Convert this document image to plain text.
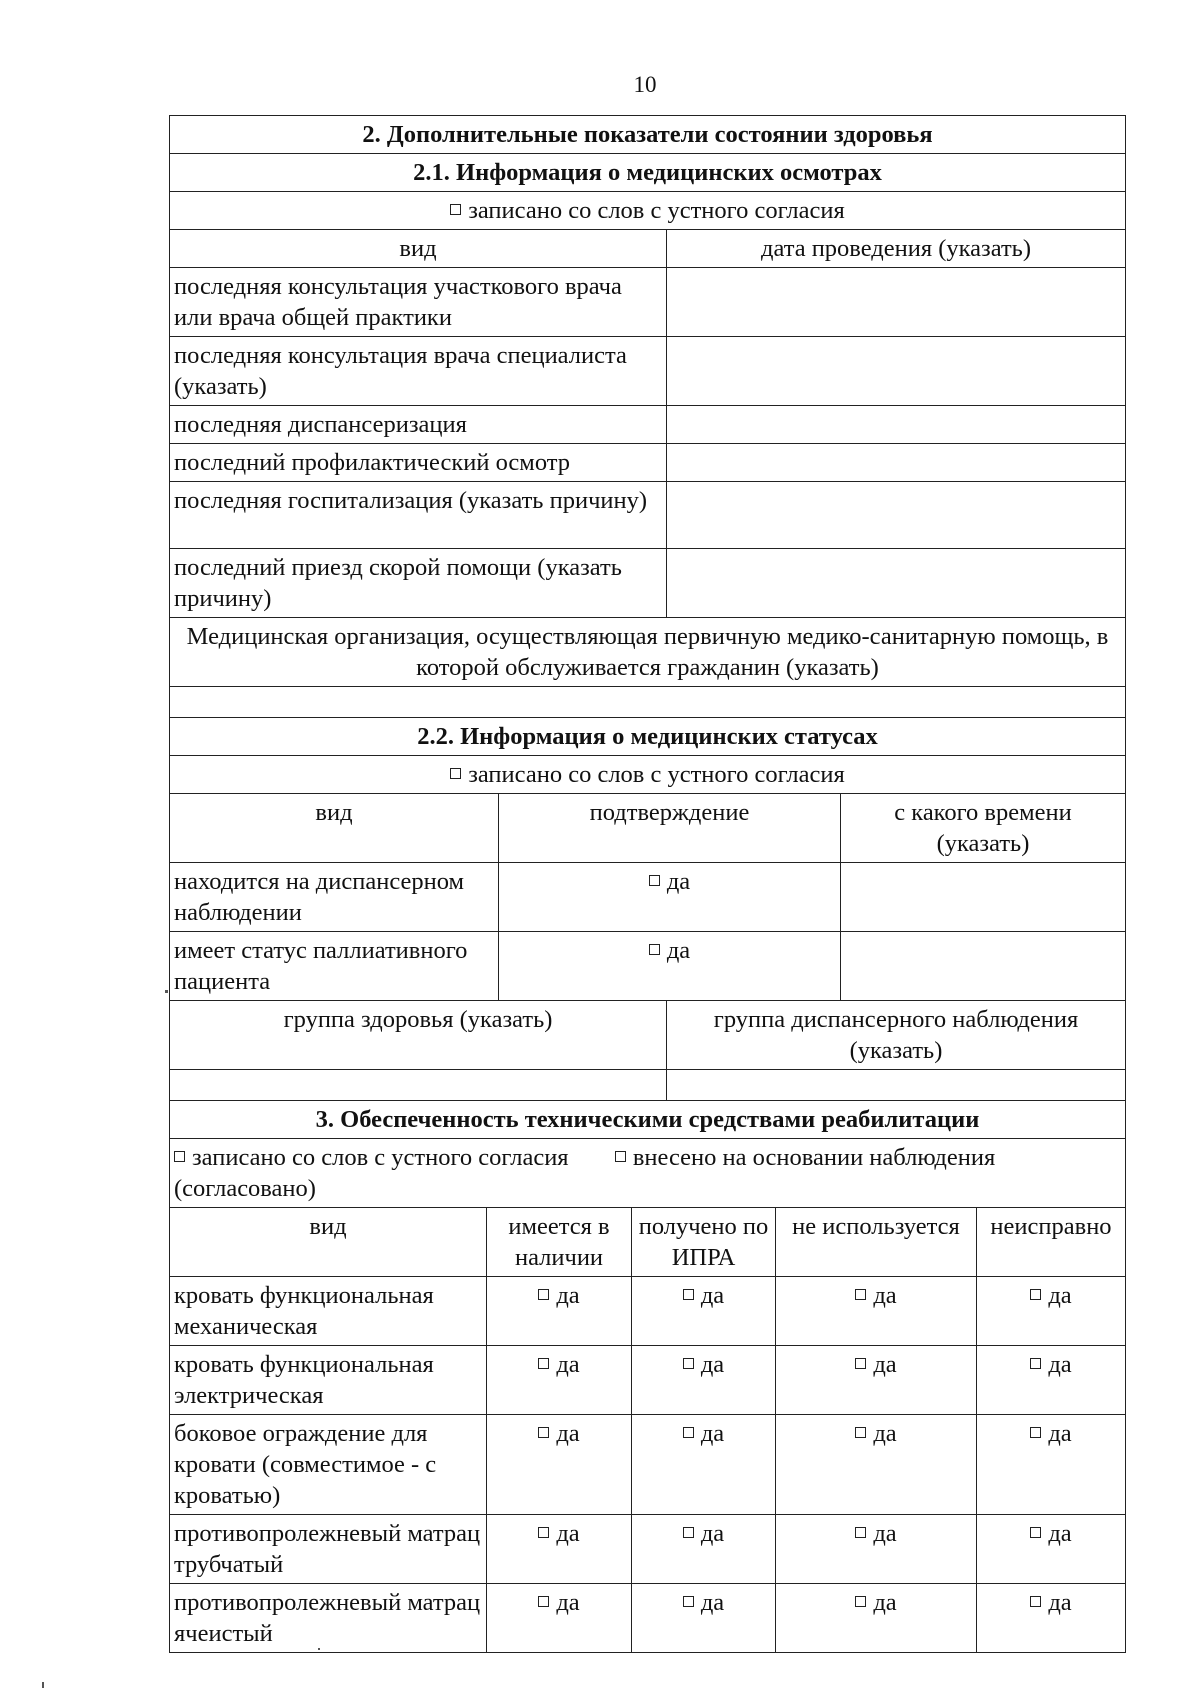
10
2. Дополнительные показатели состоянии здоровья	
2.1. Информация о медицинских осмотрах	
записано со слов с устного согласия	
вид	дата проведения (указать)
последняя консультация участкового врача или врача общей практики	
последняя консультация врача специалиста (указать)	
последняя диспансеризация	
последний профилактический осмотр	
последняя госпитализация (указать причину)	
последний приезд скорой помощи (указать причину)	
Медицинская организация, осуществляющая первичную медико-санитарную помощь, в которой обслуживается гражданин (указать)	

2.2. Информация о медицинских статусах		
записано со слов с устного согласия		
вид	подтверждение	с какого времени (указать)
находится на диспансерном наблюдении	да	
имеет статус паллиативного пациента	да	
группа здоровья (указать)	группа диспансерного наблюдения (указать)

3. Обеспеченность техническими средствами реабилитации				
записано со слов с устного согласия внесено на основании наблюдения
(согласовано)				
вид	имеется в наличии	получено по ИПРА	не используется	неисправно
кровать функциональная механическая	да	да	да	да
кровать функциональная электрическая	да	да	да	да
боковое ограждение для кровати (совместимое - с кроватью)	да	да	да	да
противопролежневый матрац трубчатый	да	да	да	да
противопролежневый матрац ячеистый	да	да	да	да
